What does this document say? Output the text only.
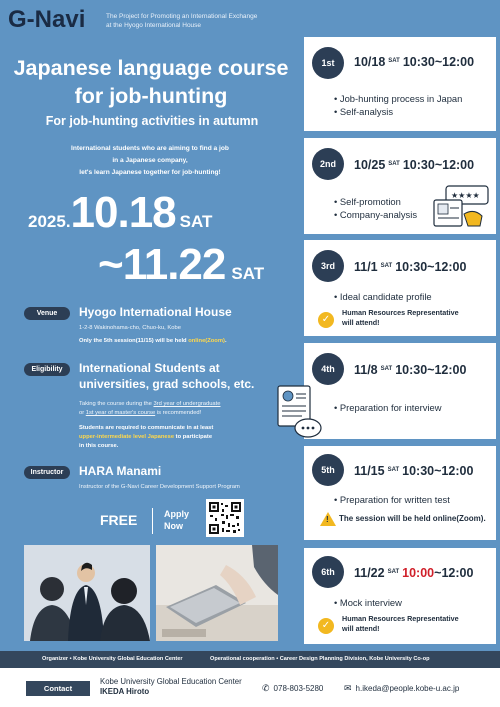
G-Navi	The Project for Promoting an International Exchange
at the Hyogo International House
Japanese language course
for job-hunting
For job-hunting activities in autumn
International students who are aiming to find a job
in a Japanese company,
let's learn Japanese together for job-hunting!
2025.10.18 SAT
~11.22 SAT
Venue	Hyogo International House
1-2-8 Wakinohama-cho, Chuo-ku, Kobe
Only the 5th session(11/15) will be held online(Zoom).
Eligibility	International Students at
universities, grad schools, etc.
Taking the course during the 3rd year of undergraduate
or 1st year of master's course is recommended!
Students are required to communicate in at least
upper-intermediate level Japanese to participate
in this course.
Instructor	HARA Manami
Instructor of the G-Navi Career Development Support Program
FREE	Apply
Now
1st	10/18 $^{SAT}$ 10:30~12:00
• Job-hunting process in Japan
• Self-analysis
2nd	10/25 $^{SAT}$ 10:30~12:00
• Self-promotion
• Company-analysis
★★★★
3rd	11/1 $^{SAT}$ 10:30~12:00
• Ideal candidate profile
✓
Human Resources Representative
will attend!
4th	11/8 $^{SAT}$ 10:30~12:00
• Preparation for interview
5th	11/15 $^{SAT}$ 10:30~12:00
• Preparation for written test
! The session will be held online(Zoom).
6th	11/22 $^{SAT}$ 10:00~12:00
• Mock interview
✓
Human Resources Representative
will attend!
Organizer • Kobe University Global Education Center	Operational cooperation • Career Design Planning Division, Kobe University Co-op
Contact
Kobe University Global Education Center
IKEDA Hiroto	✆ 078-803-5280 ✉ h.ikeda@people.kobe-u.ac.jp
